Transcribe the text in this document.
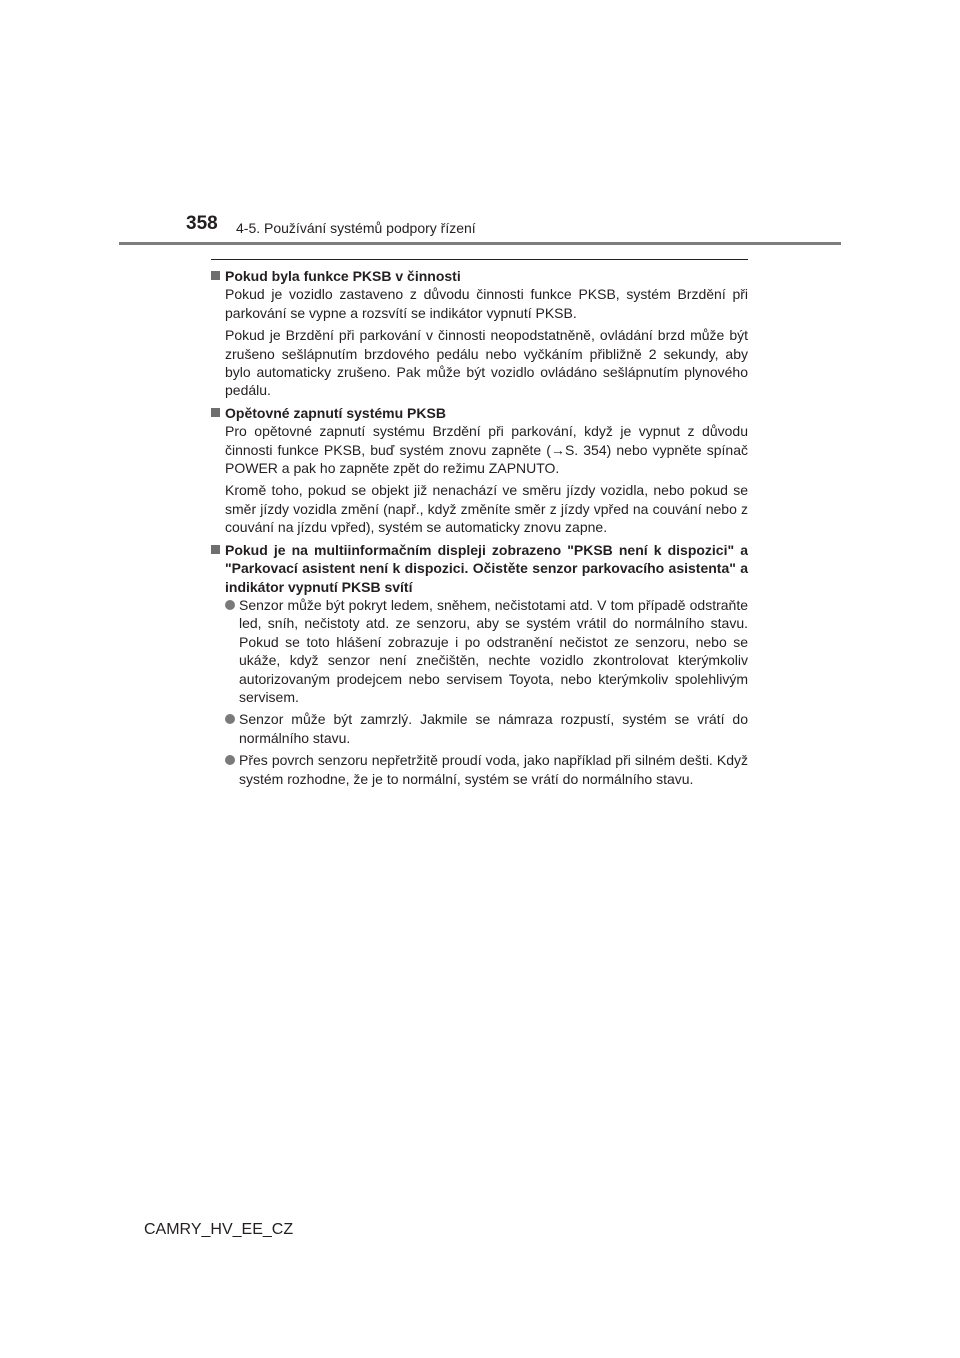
358 4-5. Používání systémů podpory řízení
Pokud byla funkce PKSB v činnosti

Pokud je vozidlo zastaveno z důvodu činnosti funkce PKSB, systém Brzdění při parkování se vypne a rozsvítí se indikátor vypnutí PKSB.

Pokud je Brzdění při parkování v činnosti neopodstatněně, ovládání brzd může být zrušeno sešlápnutím brzdového pedálu nebo vyčkáním přibližně 2 sekundy, aby bylo automaticky zrušeno. Pak může být vozidlo ovládáno sešlápnutím plynového pedálu.

Opětovné zapnutí systému PKSB

Pro opětovné zapnutí systému Brzdění při parkování, když je vypnut z důvodu činnosti funkce PKSB, buď systém znovu zapněte (→S. 354) nebo vypněte spínač POWER a pak ho zapněte zpět do režimu ZAPNUTO.

Kromě toho, pokud se objekt již nenachází ve směru jízdy vozidla, nebo pokud se směr jízdy vozidla změní (např., když změníte směr z jízdy vpřed na couvání nebo z couvání na jízdu vpřed), systém se automaticky znovu zapne.

Pokud je na multiinformačním displeji zobrazeno "PKSB není k dispozici" a "Parkovací asistent není k dispozici. Očistěte senzor parkovacího asistenta" a indikátor vypnutí PKSB svítí
Senzor může být pokryt ledem, sněhem, nečistotami atd. V tom případě odstraňte led, sníh, nečistoty atd. ze senzoru, aby se systém vrátil do normálního stavu. Pokud se toto hlášení zobrazuje i po odstranění nečistot ze senzoru, nebo se ukáže, když senzor není znečištěn, nechte vozidlo zkontrolovat kterýmkoliv autorizovaným prodejcem nebo servisem Toyota, nebo kterýmkoliv spolehlivým servisem.
Senzor může být zamrzlý. Jakmile se námraza rozpustí, systém se vrátí do normálního stavu.
Přes povrch senzoru nepřetržitě proudí voda, jako například při silném dešti. Když systém rozhodne, že je to normální, systém se vrátí do normálního stavu.
CAMRY_HV_EE_CZ
